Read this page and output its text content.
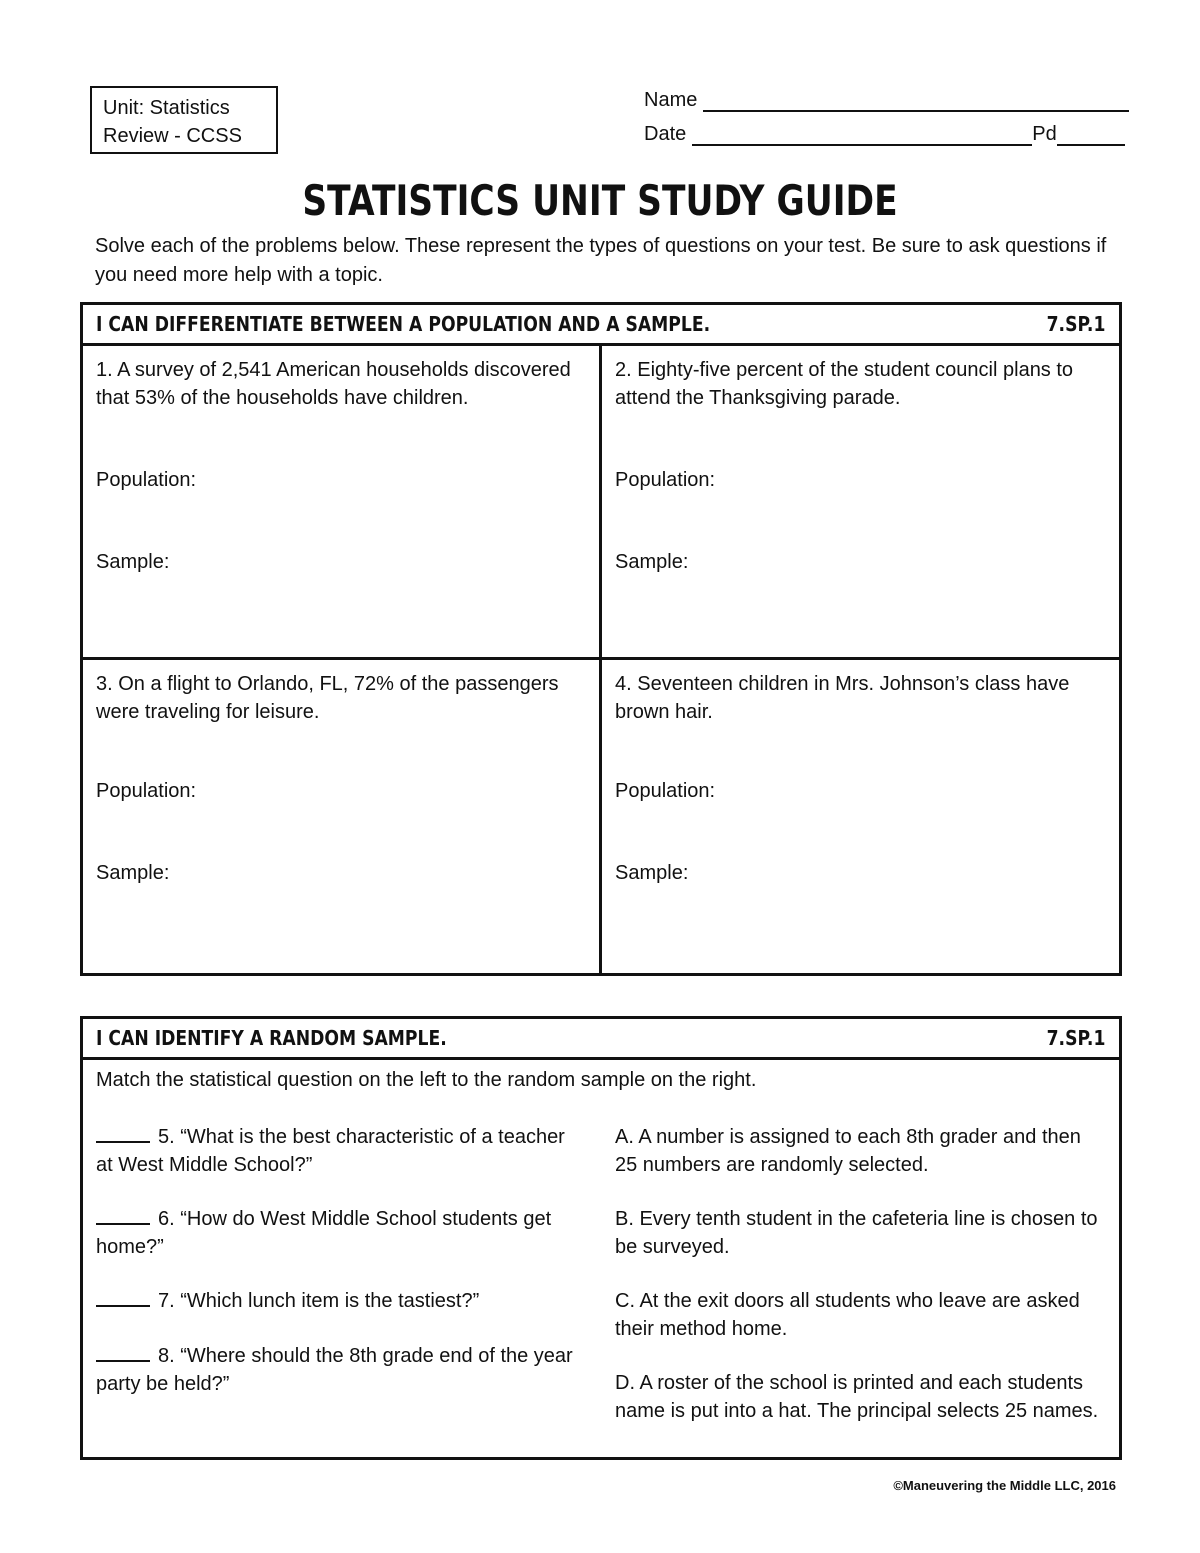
Unit: Statistics
Review - CCSS
Name
Date	Pd
STATISTICS UNIT STUDY GUIDE
Solve each of the problems below. These represent the types of questions on your test. Be sure to ask questions if you need more help with a topic.
I CAN DIFFERENTIATE BETWEEN A POPULATION AND A SAMPLE.	7.SP.1
1. A survey of 2,541 American households discovered that 53% of the households have children.
Population:
Sample:
2. Eighty-five percent of the student council plans to attend the Thanksgiving parade.
Population:
Sample:
3. On a flight to Orlando, FL, 72% of the passengers were traveling for leisure.
Population:
Sample:
4. Seventeen children in Mrs. Johnson’s class have brown hair.
Population:
Sample:
I CAN IDENTIFY A RANDOM SAMPLE.	7.SP.1
Match the statistical question on the left to the random sample on the right.
5. “What is the best characteristic of a teacher at West Middle School?”
6. “How do West Middle School students get home?”
7. “Which lunch item is the tastiest?”
8. “Where should the 8th grade end of the year party be held?”
A. A number is assigned to each 8th grader and then 25 numbers are randomly selected.
B. Every tenth student in the cafeteria line is chosen to be surveyed.
C. At the exit doors all students who leave are asked their method home.
D. A roster of the school is printed and each students name is put into a hat. The principal selects 25 names.
©Maneuvering the Middle LLC, 2016
